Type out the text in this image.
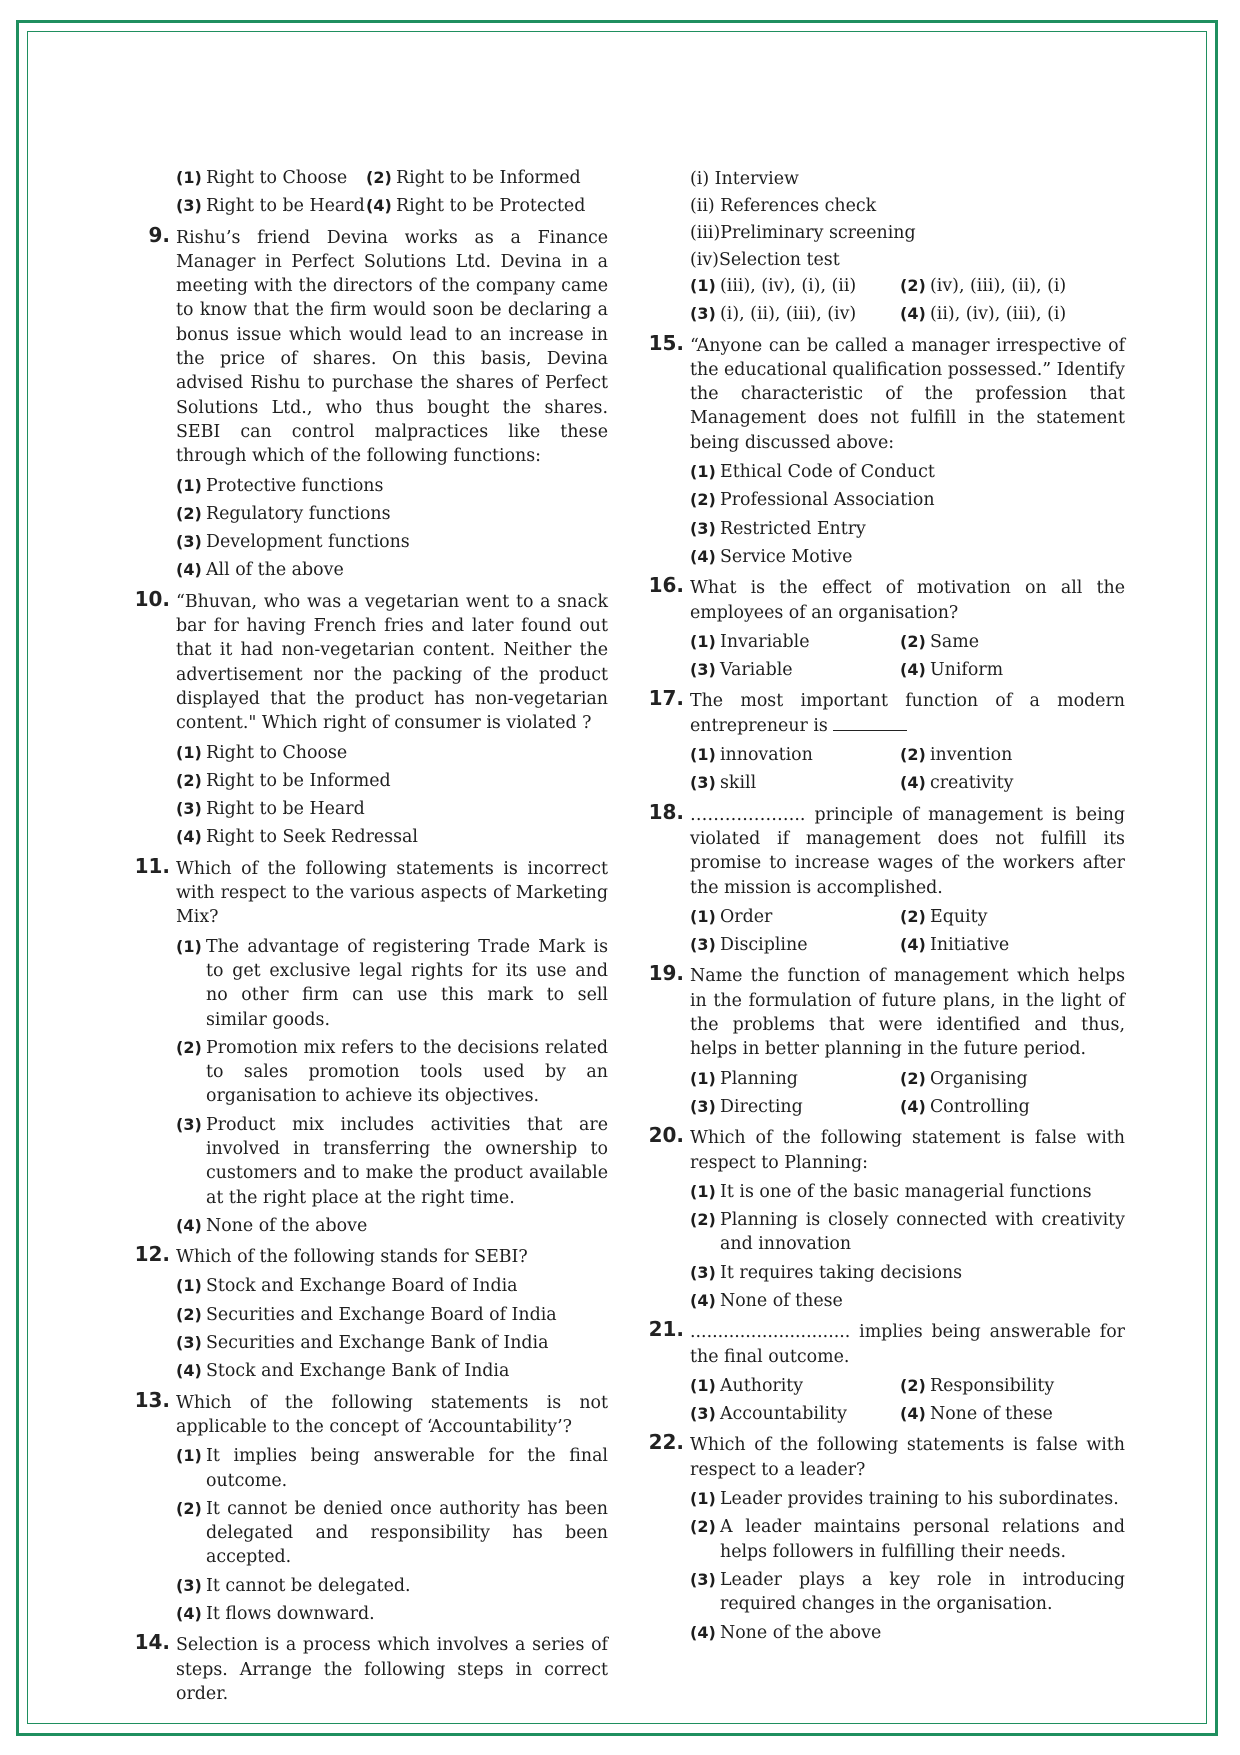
(1) Right to Choose	(2) Right to be Informed
(3) Right to be Heard (4) Right to be Protected
9. Rishu’s friend Devina works as a Finance Manager in Perfect Solutions Ltd. Devina in a meeting with the directors of the company came to know that the firm would soon be declaring a bonus issue which would lead to an increase in the price of shares. On this basis, Devina advised Rishu to purchase the shares of Perfect Solutions Ltd., who thus bought the shares. SEBI can control malpractices like these through which of the following functions:

(1) Protective functions
(2) Regulatory functions
(3) Development functions
(4) All of the above
10. “Bhuvan, who was a vegetarian went to a snack bar for having French fries and later found out that it had non-vegetarian content. Neither the advertisement nor the packing of the product displayed that the product has non-vegetarian content." Which right of consumer is violated ?

(1) Right to Choose
(2) Right to be Informed
(3) Right to be Heard
(4) Right to Seek Redressal
11. Which of the following statements is incorrect with respect to the various aspects of Marketing Mix?

(1) The advantage of registering Trade Mark is to get exclusive legal rights for its use and no other firm can use this mark to sell similar goods.
(2) Promotion mix refers to the decisions related to sales promotion tools used by an organisation to achieve its objectives.
(3) Product mix includes activities that are involved in transferring the ownership to customers and to make the product available at the right place at the right time.
(4) None of the above
12. Which of the following stands for SEBI?

(1) Stock and Exchange Board of India
(2) Securities and Exchange Board of India
(3) Securities and Exchange Bank of India
(4) Stock and Exchange Bank of India
13. Which of the following statements is not applicable to the concept of ‘Accountability’?

(1) It implies being answerable for the final outcome.
(2) It cannot be denied once authority has been delegated and responsibility has been accepted.
(3) It cannot be delegated.
(4) It flows downward.
14. Selection is a process which involves a series of steps. Arrange the following steps in correct order.

(i) Interview
(ii) References check
(iii)Preliminary screening
(iv)Selection test
(1) (iii), (iv), (i), (ii)	(2) (iv), (iii), (ii), (i)
(3) (i), (ii), (iii), (iv)	(4) (ii), (iv), (iii), (i)
15. “Anyone can be called a manager irrespective of the educational qualification possessed.” Identify the characteristic of the profession that Management does not fulfill in the statement being discussed above:

(1) Ethical Code of Conduct
(2) Professional Association
(3) Restricted Entry
(4) Service Motive
16. What is the effect of motivation on all the employees of an organisation?

(1) Invariable	(2) Same
(3) Variable	(4) Uniform
17. The most important function of a modern entrepreneur is

(1) innovation	(2) invention
(3) skill	(4) creativity
18. ……………….. principle of management is being violated if management does not fulfill its promise to increase wages of the workers after the mission is accomplished.

(1) Order	(2) Equity
(3) Discipline	(4) Initiative
19. Name the function of management which helps in the formulation of future plans, in the light of the problems that were identified and thus, helps in better planning in the future period.

(1) Planning	(2) Organising
(3) Directing	(4) Controlling
20. Which of the following statement is false with respect to Planning:

(1) It is one of the basic managerial functions
(2) Planning is closely connected with creativity and innovation
(3) It requires taking decisions
(4) None of these
21. ............................. implies being answerable for the final outcome.

(1) Authority	(2) Responsibility
(3) Accountability	(4) None of these
22. Which of the following statements is false with respect to a leader?

(1) Leader provides training to his subordinates.
(2) A leader maintains personal relations and helps followers in fulfilling their needs.
(3) Leader plays a key role in introducing required changes in the organisation.
(4) None of the above
